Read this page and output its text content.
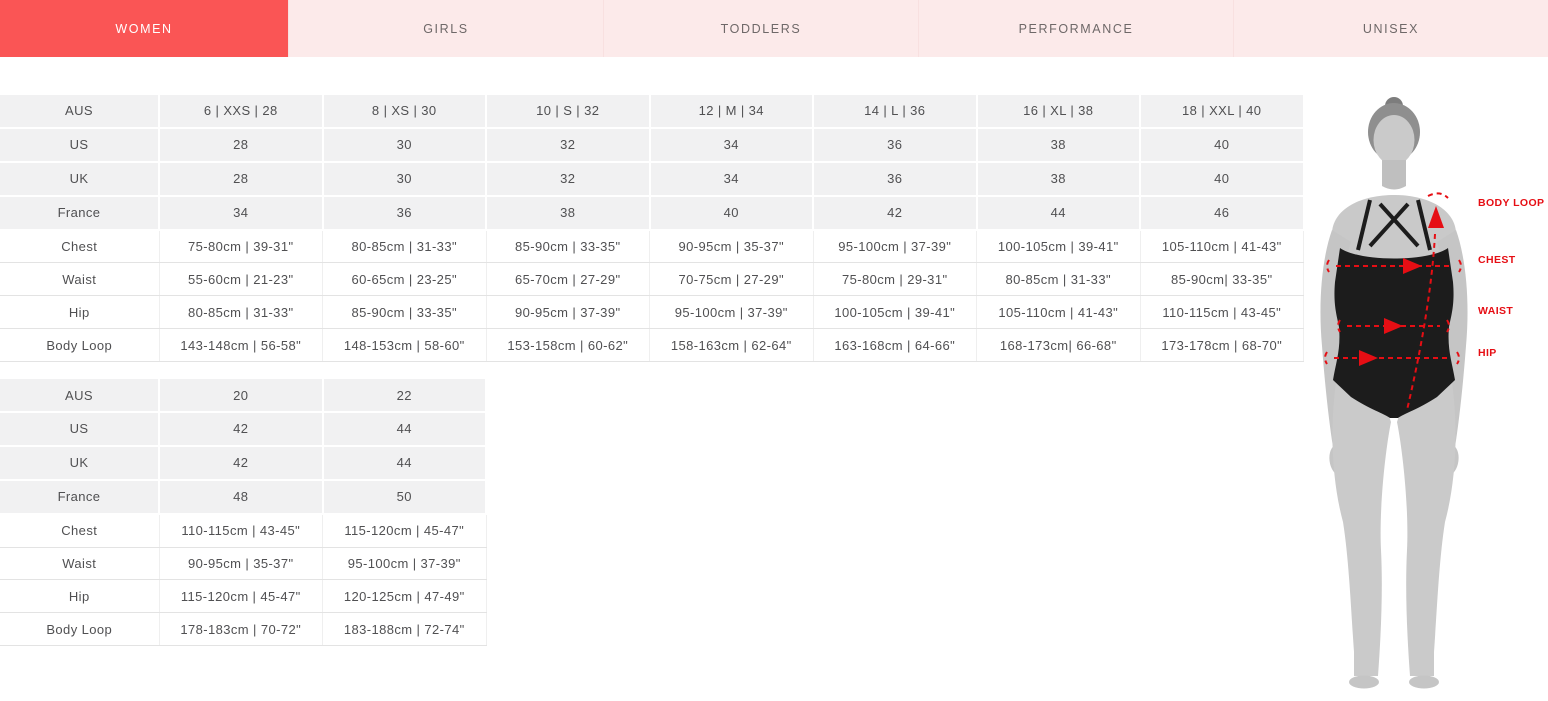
WOMEN	GIRLS	TODDLERS	PERFORMANCE	UNISEX
AUS	6 | XXS | 28	8 | XS | 30	10 | S | 32	12 | M | 34	14 | L | 36	16 | XL | 38	18 | XXL | 40
US	28	30	32	34	36	38	40
UK	28	30	32	34	36	38	40
France	34	36	38	40	42	44	46
Chest	75-80cm | 39-31"	80-85cm | 31-33"	85-90cm | 33-35"	90-95cm | 35-37"	95-100cm | 37-39"	100-105cm | 39-41"	105-110cm | 41-43"
Waist	55-60cm | 21-23"	60-65cm | 23-25"	65-70cm | 27-29"	70-75cm | 27-29"	75-80cm | 29-31"	80-85cm | 31-33"	85-90cm| 33-35"
Hip	80-85cm | 31-33"	85-90cm | 33-35"	90-95cm | 37-39"	95-100cm | 37-39"	100-105cm | 39-41"	105-110cm | 41-43"	110-115cm | 43-45"
Body Loop	143-148cm | 56-58"	148-153cm | 58-60"	153-158cm | 60-62"	158-163cm | 62-64"	163-168cm | 64-66"	168-173cm| 66-68"	173-178cm | 68-70"
AUS	20	22
US	42	44
UK	42	44
France	48	50
Chest	110-115cm | 43-45"	115-120cm | 45-47"
Waist	90-95cm | 35-37"	95-100cm | 37-39"
Hip	115-120cm | 45-47"	120-125cm | 47-49"
Body Loop	178-183cm | 70-72"	183-188cm | 72-74"
BODY LOOP
CHEST
WAIST
HIP
